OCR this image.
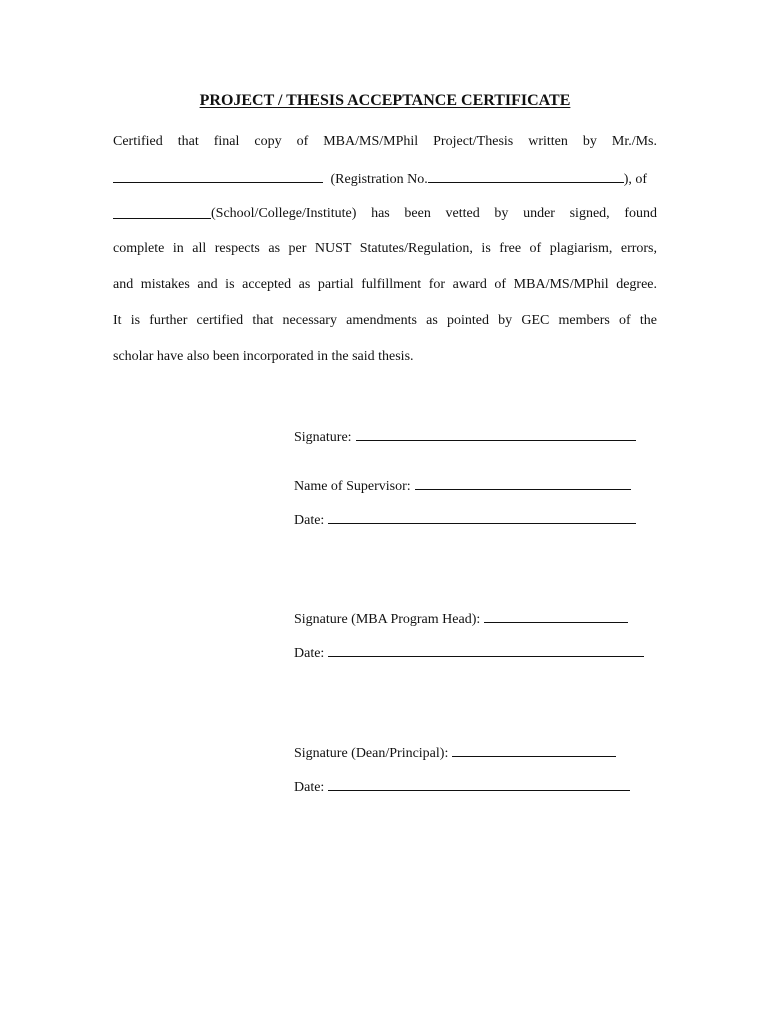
PROJECT / THESIS ACCEPTANCE CERTIFICATE
Certified that final copy of MBA/MS/MPhil Project/Thesis written by Mr./Ms.
(Registration No.	), of
(School/College/Institute) has been vetted by under signed, found
complete in all respects as per NUST Statutes/Regulation, is free of plagiarism, errors,
and mistakes and is accepted as partial fulfillment for award of MBA/MS/MPhil degree.
It is further certified that necessary amendments as pointed by GEC members of the
scholar have also been incorporated in the said thesis.
Signature:
Name of Supervisor:
Date:
Signature (MBA Program Head):
Date:
Signature (Dean/Principal):
Date:
